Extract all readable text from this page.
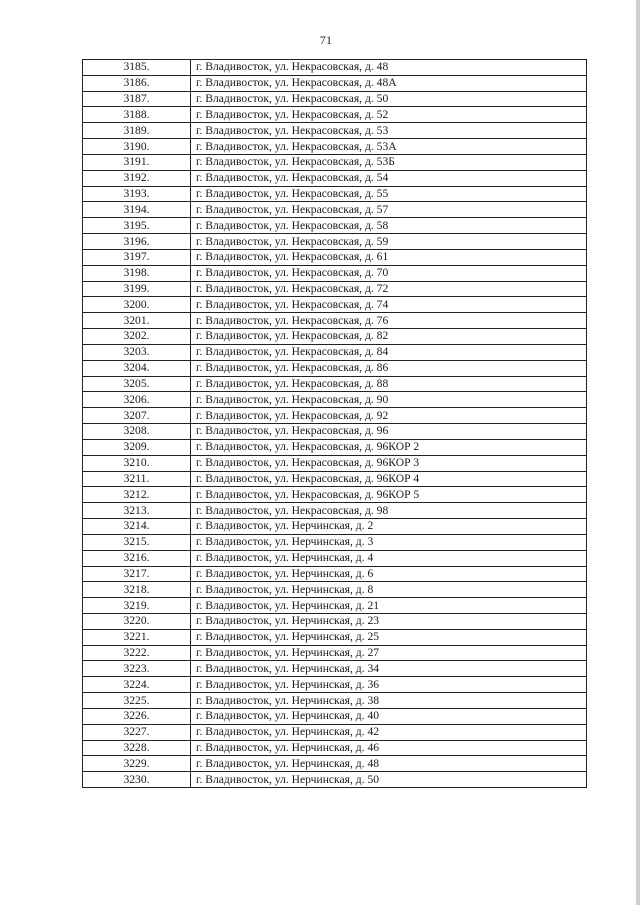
71
3185.	г. Владивосток, ул. Некрасовская, д. 48
3186.	г. Владивосток, ул. Некрасовская, д. 48А
3187.	г. Владивосток, ул. Некрасовская, д. 50
3188.	г. Владивосток, ул. Некрасовская, д. 52
3189.	г. Владивосток, ул. Некрасовская, д. 53
3190.	г. Владивосток, ул. Некрасовская, д. 53А
3191.	г. Владивосток, ул. Некрасовская, д. 53Б
3192.	г. Владивосток, ул. Некрасовская, д. 54
3193.	г. Владивосток, ул. Некрасовская, д. 55
3194.	г. Владивосток, ул. Некрасовская, д. 57
3195.	г. Владивосток, ул. Некрасовская, д. 58
3196.	г. Владивосток, ул. Некрасовская, д. 59
3197.	г. Владивосток, ул. Некрасовская, д. 61
3198.	г. Владивосток, ул. Некрасовская, д. 70
3199.	г. Владивосток, ул. Некрасовская, д. 72
3200.	г. Владивосток, ул. Некрасовская, д. 74
3201.	г. Владивосток, ул. Некрасовская, д. 76
3202.	г. Владивосток, ул. Некрасовская, д. 82
3203.	г. Владивосток, ул. Некрасовская, д. 84
3204.	г. Владивосток, ул. Некрасовская, д. 86
3205.	г. Владивосток, ул. Некрасовская, д. 88
3206.	г. Владивосток, ул. Некрасовская, д. 90
3207.	г. Владивосток, ул. Некрасовская, д. 92
3208.	г. Владивосток, ул. Некрасовская, д. 96
3209.	г. Владивосток, ул. Некрасовская, д. 96КОР 2
3210.	г. Владивосток, ул. Некрасовская, д. 96КОР 3
3211.	г. Владивосток, ул. Некрасовская, д. 96КОР 4
3212.	г. Владивосток, ул. Некрасовская, д. 96КОР 5
3213.	г. Владивосток, ул. Некрасовская, д. 98
3214.	г. Владивосток, ул. Нерчинская, д. 2
3215.	г. Владивосток, ул. Нерчинская, д. 3
3216.	г. Владивосток, ул. Нерчинская, д. 4
3217.	г. Владивосток, ул. Нерчинская, д. 6
3218.	г. Владивосток, ул. Нерчинская, д. 8
3219.	г. Владивосток, ул. Нерчинская, д. 21
3220.	г. Владивосток, ул. Нерчинская, д. 23
3221.	г. Владивосток, ул. Нерчинская, д. 25
3222.	г. Владивосток, ул. Нерчинская, д. 27
3223.	г. Владивосток, ул. Нерчинская, д. 34
3224.	г. Владивосток, ул. Нерчинская, д. 36
3225.	г. Владивосток, ул. Нерчинская, д. 38
3226.	г. Владивосток, ул. Нерчинская, д. 40
3227.	г. Владивосток, ул. Нерчинская, д. 42
3228.	г. Владивосток, ул. Нерчинская, д. 46
3229.	г. Владивосток, ул. Нерчинская, д. 48
3230.	г. Владивосток, ул. Нерчинская, д. 50
